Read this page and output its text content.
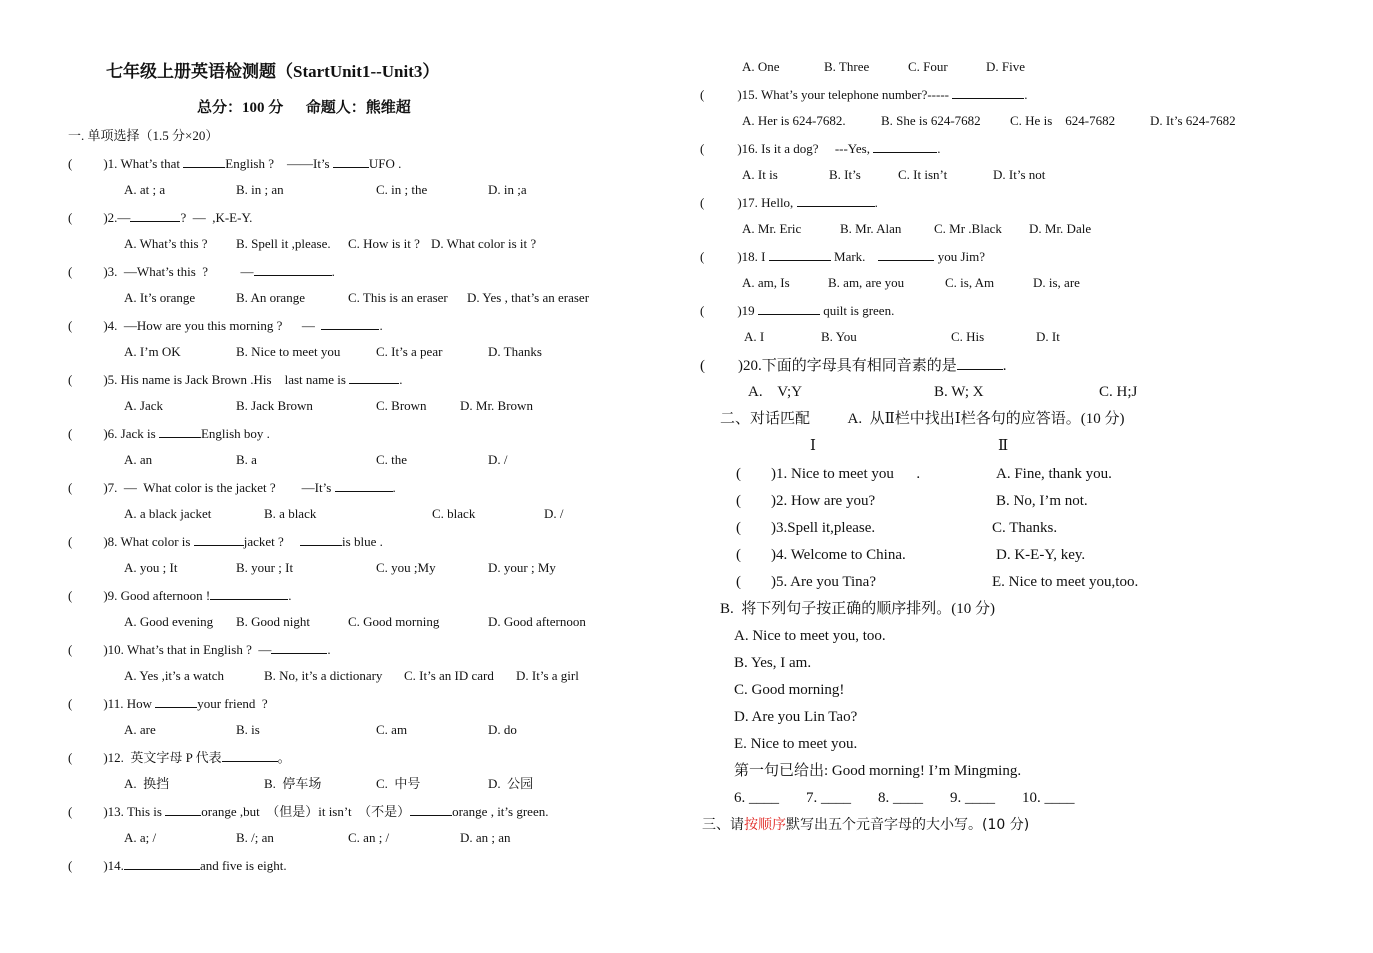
七年级上册英语检测题（StartUnit1--Unit3）
总分：100 分      命题人：熊维超
一. 单项选择（1.5 分×20）
( )1. What’s that	English ?    ——It’s	UFO .
A. at ; a	B. in ; an	C. in ; the	D. in ;a
( )2.—	?  —  ,K-E-Y.
A. What’s this ? B. Spell it ,please. C. How is it ? D. What color is it ?
( )3.  —What’s this  ?          —	.
A. It’s orange	B. An orange	C. This is an eraser D. Yes , that’s an eraser
( )4.  —How are you this morning ?      —	.
A. I’m OK	B. Nice to meet you	C. It’s a pear	D. Thanks
( )5. His name is Jack Brown .His    last name is	.
A. Jack	B. Jack Brown	C. Brown	D. Mr. Brown
( )6. Jack is	English boy .
A. an	B. a	C. the	D. /
( )7.  —  What color is the jacket ?        —It’s	.
A. a black jacket	B. a black	C. black	D. /
( )8. What color is	jacket ?	is blue .
A. you ; It	B. your ; It	C. you ;My	D. your ; My
( )9. Good afternoon !	.
A. Good evening B. Good night	C. Good morning	D. Good afternoon
( )10. What’s that in English ?  —	.
A. Yes ,it’s a watch	B. No, it’s a dictionary C. It’s an ID card D. It’s a girl
( )11. How	your friend  ?
A. are	B. is	C. am	D. do
( )12.  英文字母 P 代表	。
A.  换挡	B.  停车场	C.  中号	D.  公园
( )13. This is	orange ,but  （但是）it isn’t  （不是）	orange , it’s green.
A. a; /	B. /; an	C. an ; /	D. an ; an
( )14.	and five is eight.
A. One	B. Three	C. Four	D. Five
(	)15. What’s your telephone number?-----	.
A. Her is 624-7682.	B. She is 624-7682 C. He is    624-7682	D. It’s 624-7682
(	)16. Is it a dog?     ---Yes,	.
A. It is	B. It’s	C. It isn’t	D. It’s not
(	)17. Hello,	.
A. Mr. Eric	B. Mr. Alan	C. Mr .Black D. Mr. Dale
(	)18. I	Mark.	you Jim?
A. am, Is	B. am, are you	C. is, Am	D. is, are
(	)19	quilt is green.
A. I	B. You	C. His	D. It
( )20.下面的字母具有相同音素的是	.
A.    V;Y	B. W; X	C. H;J
二、对话匹配          A.  从Ⅱ栏中找出Ⅰ栏各句的应答语。(10 分)
Ⅰ	Ⅱ
(        )1. Nice to meet you      .	A. Fine, thank you.
(        )2. How are you?	B. No, I’m not.
(        )3.Spell it,please.	C. Thanks.
(        )4. Welcome to China.	D. K-E-Y, key.
(        )5. Are you Tina?	E. Nice to meet you,too.
B.  将下列句子按正确的顺序排列。(10 分)
A. Nice to meet you, too.
B. Yes, I am.
C. Good morning!
D. Are you Lin Tao?
E. Nice to meet you.
第一句已给出: Good morning! I’m Mingming.
6. ____ 7. ____ 8. ____ 9. ____ 10. ____
三、请按顺序默写出五个元音字母的大小写。(10 分)
